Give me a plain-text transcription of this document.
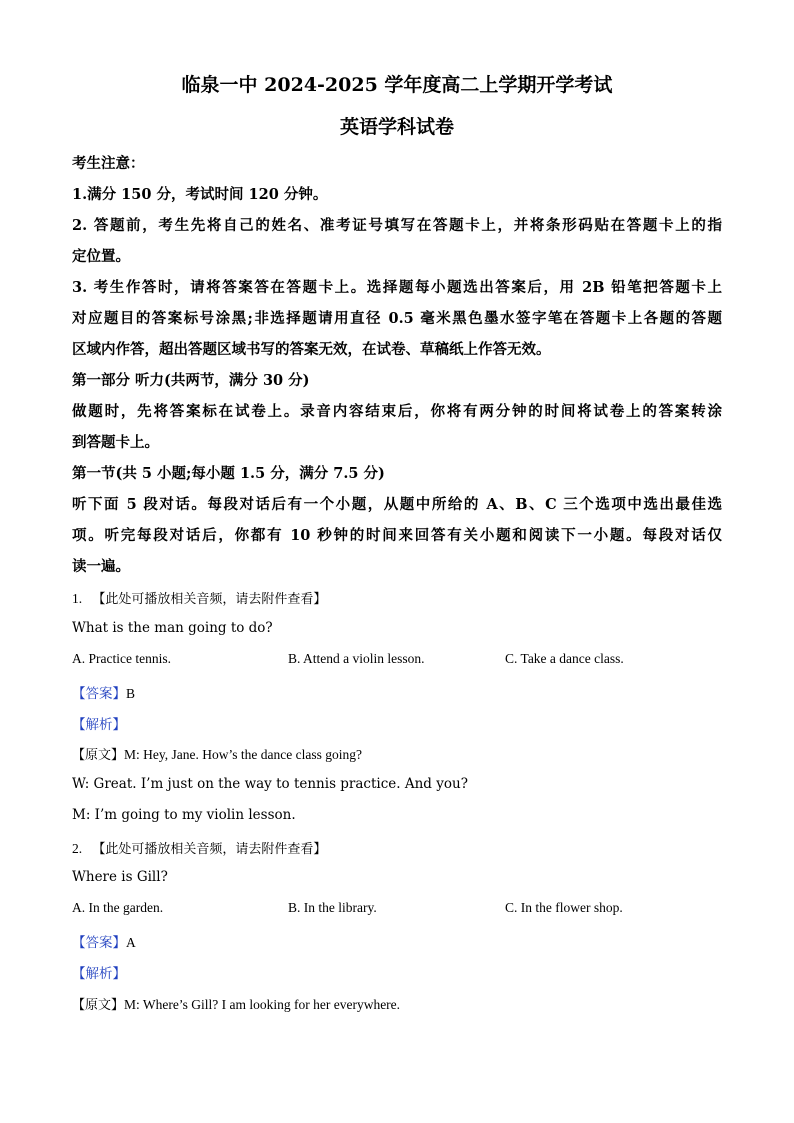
临泉一中 2024-2025 学年度高二上学期开学考试
英语学科试卷
考生注意：
1.满分 150 分，考试时间 120 分钟。
2. 答题前，考生先将自己的姓名、准考证号填写在答题卡上，并将条形码贴在答题卡上的指
定位置。
3. 考生作答时，请将答案答在答题卡上。选择题每小题选出答案后，用 2B 铅笔把答题卡上
对应题目的答案标号涂黑;非选择题请用直径 0.5 毫米黑色墨水签字笔在答题卡上各题的答题
区域内作答，超出答题区域书写的答案无效，在试卷、草稿纸上作答无效。
第一部分 听力(共两节，满分 30 分)
做题时，先将答案标在试卷上。录音内容结束后，你将有两分钟的时间将试卷上的答案转涂
到答题卡上。
第一节(共 5 小题;每小题 1.5 分，满分 7.5 分)
听下面 5 段对话。每段对话后有一个小题，从题中所给的 A、B、C 三个选项中选出最佳选
项。听完每段对话后，你都有 10 秒钟的时间来回答有关小题和阅读下一小题。每段对话仅
读一遍。
1. 【此处可播放相关音频，请去附件查看】
What is the man going to do?
A. Practice tennis.	B. Attend a violin lesson.	C. Take a dance class.
【答案】B
【解析】
【原文】M: Hey, Jane. How’s the dance class going?
W: Great. I’m just on the way to tennis practice. And you?
M: I’m going to my violin lesson.
2. 【此处可播放相关音频，请去附件查看】
Where is Gill?
A. In the garden.	B. In the library.	C. In the flower shop.
【答案】A
【解析】
【原文】M: Where’s Gill? I am looking for her everywhere.
